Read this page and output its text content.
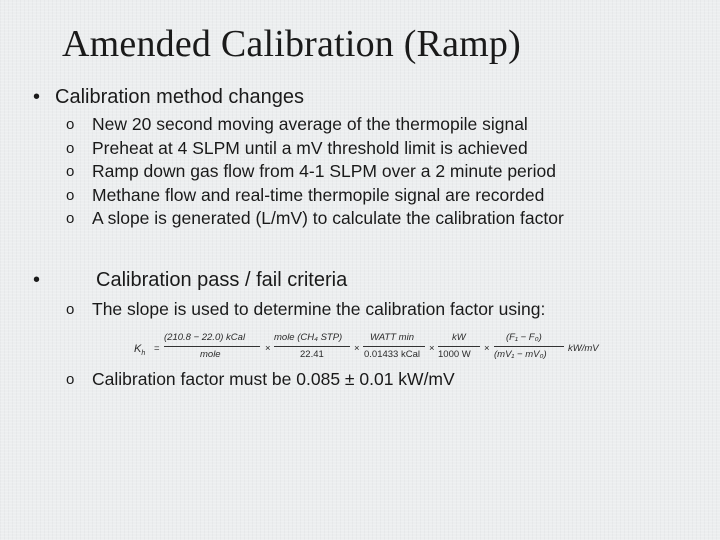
Amended Calibration (Ramp)
• Calibration method changes
o New 20 second moving average of the thermopile signal
o Preheat at 4 SLPM until a mV threshold limit is achieved
o Ramp down gas flow from 4-1 SLPM over a 2 minute period
o Methane flow and real-time thermopile signal are recorded
o A slope is generated (L/mV) to calculate the calibration factor
•	Calibration pass / fail criteria
o The slope is used to determine the calibration factor using:
$K_h$ =
(210.8 − 22.0) kCal
mole
×
mole (CH₄ STP)
22.41
×
WATT min
0.01433 kCal
×
kW
1000 W
×
(F₁ − F₀)
(mV₁ − mV₀)
kW/mV
o Calibration factor must be 0.085 ± 0.01 kW/mV
